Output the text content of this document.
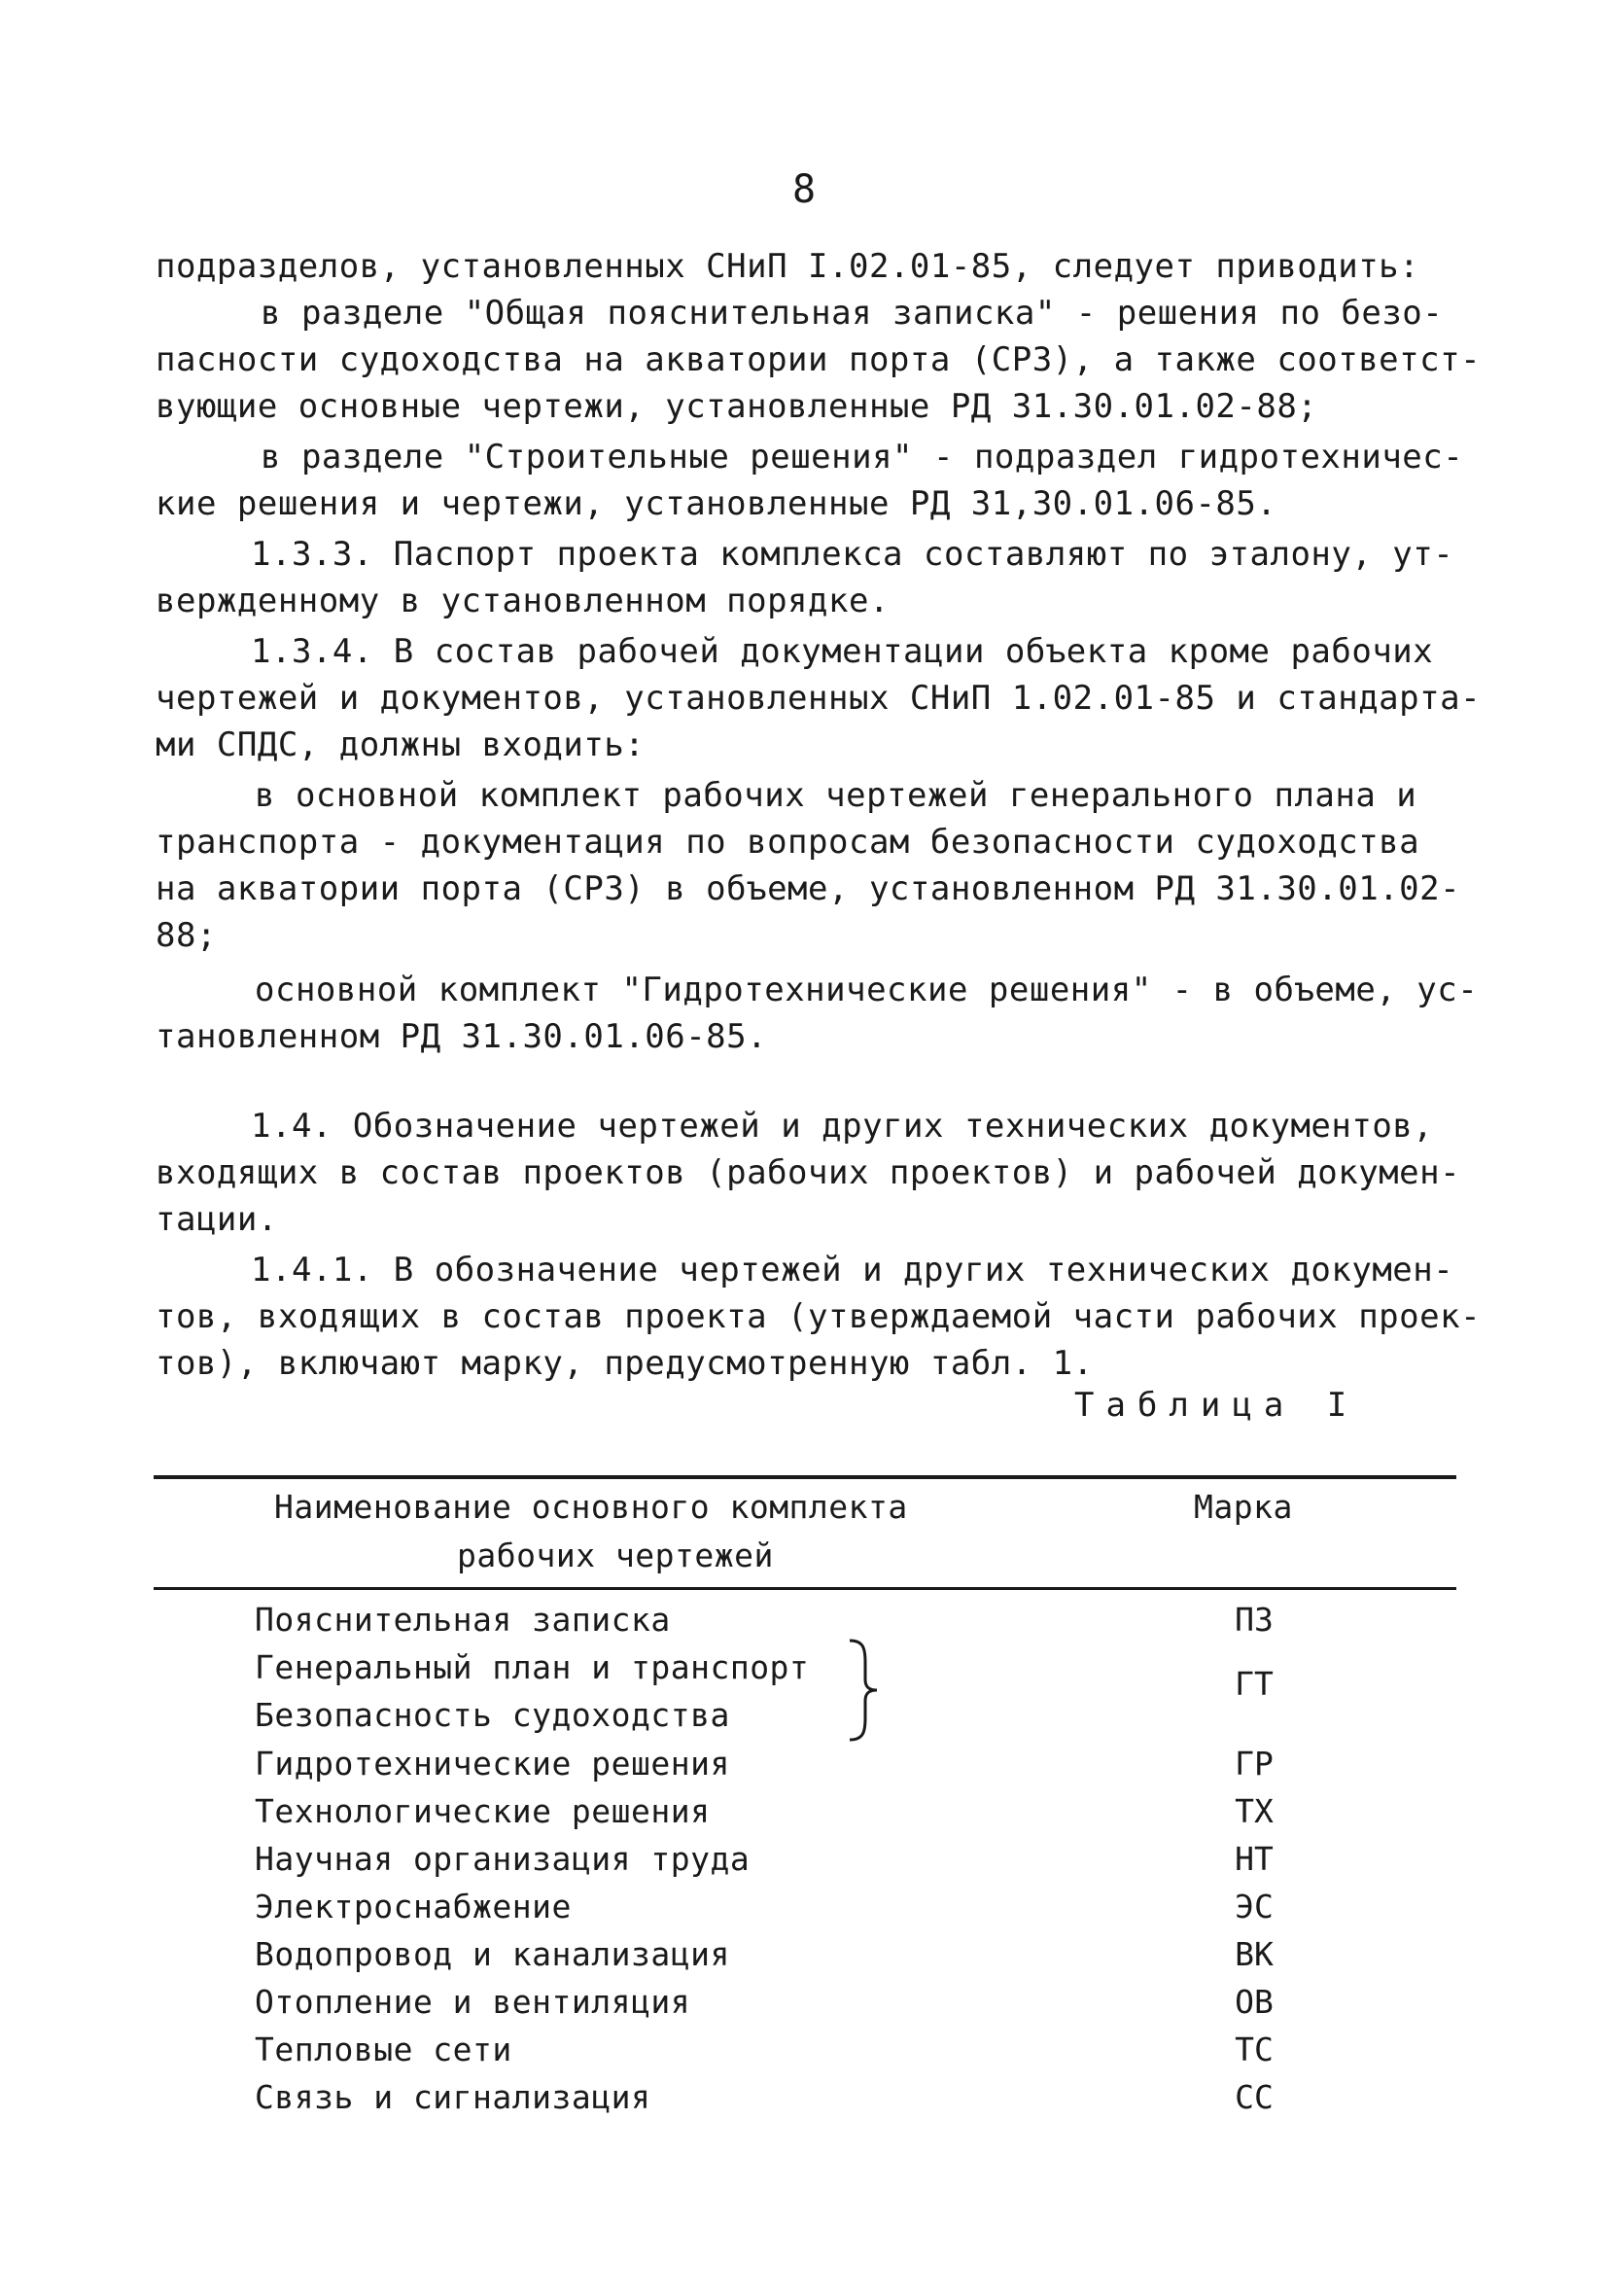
8
подразделов, установленных СНиП I.02.01-85, следует приводить:
в разделе "Общая пояснительная записка" - решения по безо-
пасности судоходства на акватории порта (СРЗ), а также соответст-
вующие основные чертежи, установленные РД 31.30.01.02-88;
в разделе "Строительные решения" - подраздел гидротехничес-
кие решения и чертежи, установленные РД 31,30.01.06-85.
1.3.3. Паспорт проекта комплекса составляют по эталону, ут-
вержденному в установленном порядке.
1.3.4. В состав рабочей документации объекта кроме рабочих
чертежей и документов, установленных СНиП 1.02.01-85 и стандарта-
ми СПДС, должны входить:
в основной комплект рабочих чертежей генерального плана и
транспорта - документация по вопросам безопасности судоходства
на акватории порта (СРЗ) в объеме, установленном РД 31.30.01.02-
88;
основной комплект "Гидротехнические решения" - в объеме, ус-
тановленном РД 31.30.01.06-85.
1.4. Обозначение чертежей и других технических документов,
входящих в состав проектов (рабочих проектов) и рабочей докумен-
тации.
1.4.1. В обозначение чертежей и других технических докумен-
тов, входящих в состав проекта (утверждаемой части рабочих проек-
тов), включают марку, предусмотренную табл. 1.
Таблица I
Наименование основного комплекта
рабочих чертежей
Марка
Пояснительная записка	ПЗ
Генеральный план и транспорт	ГТ
Безопасность судоходства
Гидротехнические решения	ГР
Технологические решения	ТХ
Научная организация труда	НТ
Электроснабжение	ЭС
Водопровод и канализация	ВК
Отопление и вентиляция	ОВ
Тепловые сети	ТС
Связь и сигнализация	СС
